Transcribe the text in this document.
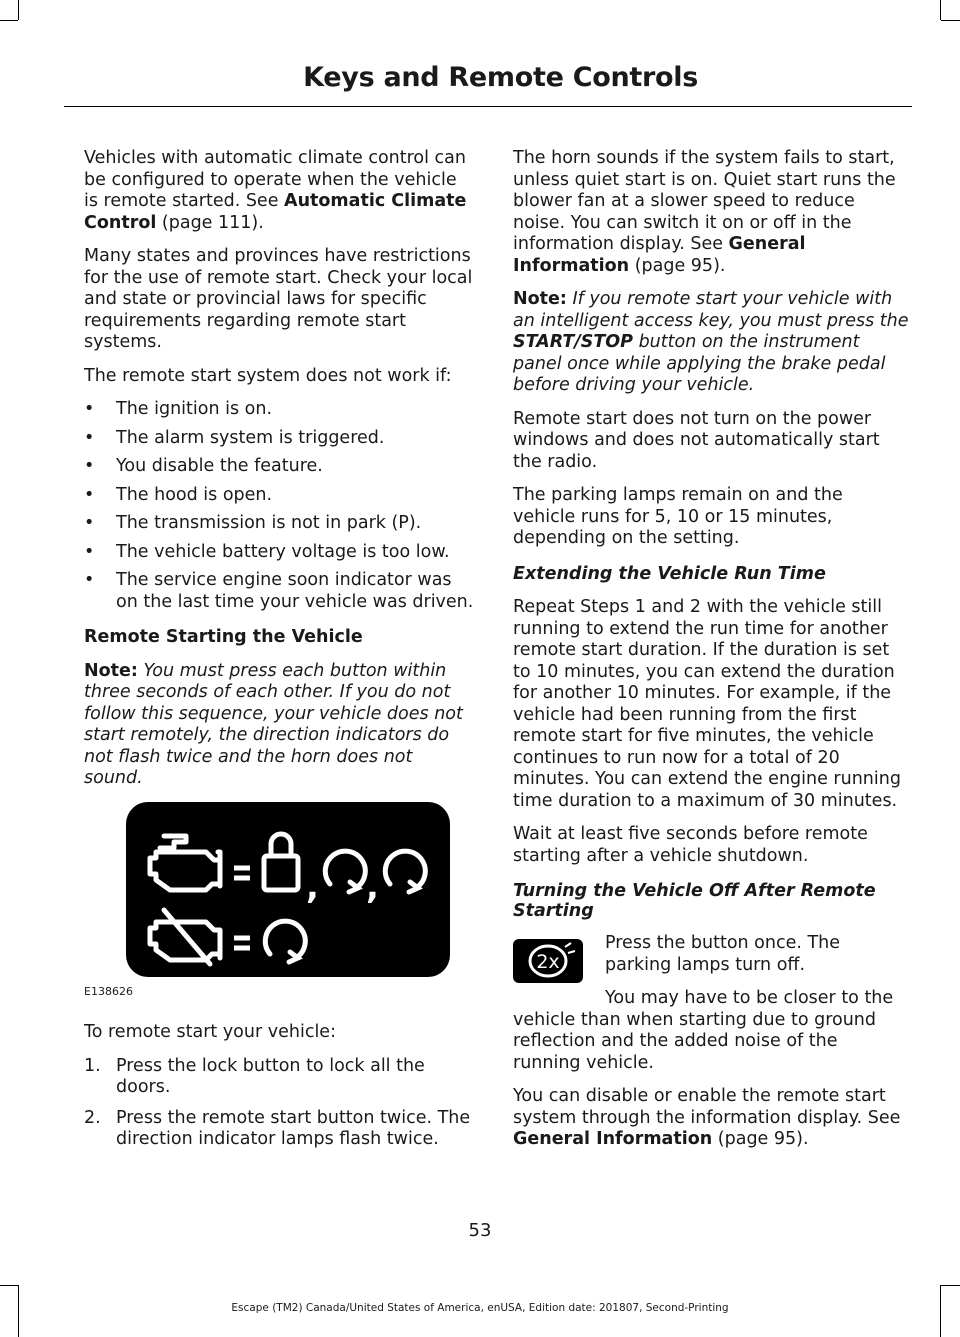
Keys and Remote Controls

Vehicles with automatic climate control can be configured to operate when the vehicle is remote started. See Automatic Climate Control (page 111).

Many states and provinces have restrictions for the use of remote start. Check your local and state or provincial laws for specific requirements regarding remote start systems.

The remote start system does not work if:

• The ignition is on.
• The alarm system is triggered.
• You disable the feature.
• The hood is open.
• The transmission is not in park (P).
• The vehicle battery voltage is too low.
• The service engine soon indicator was on the last time your vehicle was driven.
Remote Starting the Vehicle

Note: You must press each button within three seconds of each other. If you do not follow this sequence, your vehicle does not start remotely, the direction indicators do not flash twice and the horn does not sound.

, ,
E138626

To remote start your vehicle:

1. Press the lock button to lock all the doors.
2. Press the remote start button twice. The direction indicator lamps flash twice.

The horn sounds if the system fails to start, unless quiet start is on. Quiet start runs the blower fan at a slower speed to reduce noise. You can switch it on or off in the information display. See General Information (page 95).

Note: If you remote start your vehicle with an intelligent access key, you must press the START/STOP button on the instrument panel once while applying the brake pedal before driving your vehicle.

Remote start does not turn on the power windows and does not automatically start the radio.

The parking lamps remain on and the vehicle runs for 5, 10 or 15 minutes, depending on the setting.

Extending the Vehicle Run Time

Repeat Steps 1 and 2 with the vehicle still running to extend the run time for another remote start duration. If the duration is set to 10 minutes, you can extend the duration for another 10 minutes. For example, if the vehicle had been running from the first remote start for five minutes, the vehicle continues to run now for a total of 20 minutes. You can extend the engine running time duration to a maximum of 30 minutes.

Wait at least five seconds before remote starting after a vehicle shutdown.

Turning the Vehicle Off After Remote Starting
2x

Press the button once. The parking lamps turn off.

You may have to be closer to the vehicle than when starting due to ground reflection and the added noise of the running vehicle.

You can disable or enable the remote start system through the information display. See General Information (page 95).

53
Escape (TM2) Canada/United States of America, enUSA, Edition date: 201807, Second-Printing
